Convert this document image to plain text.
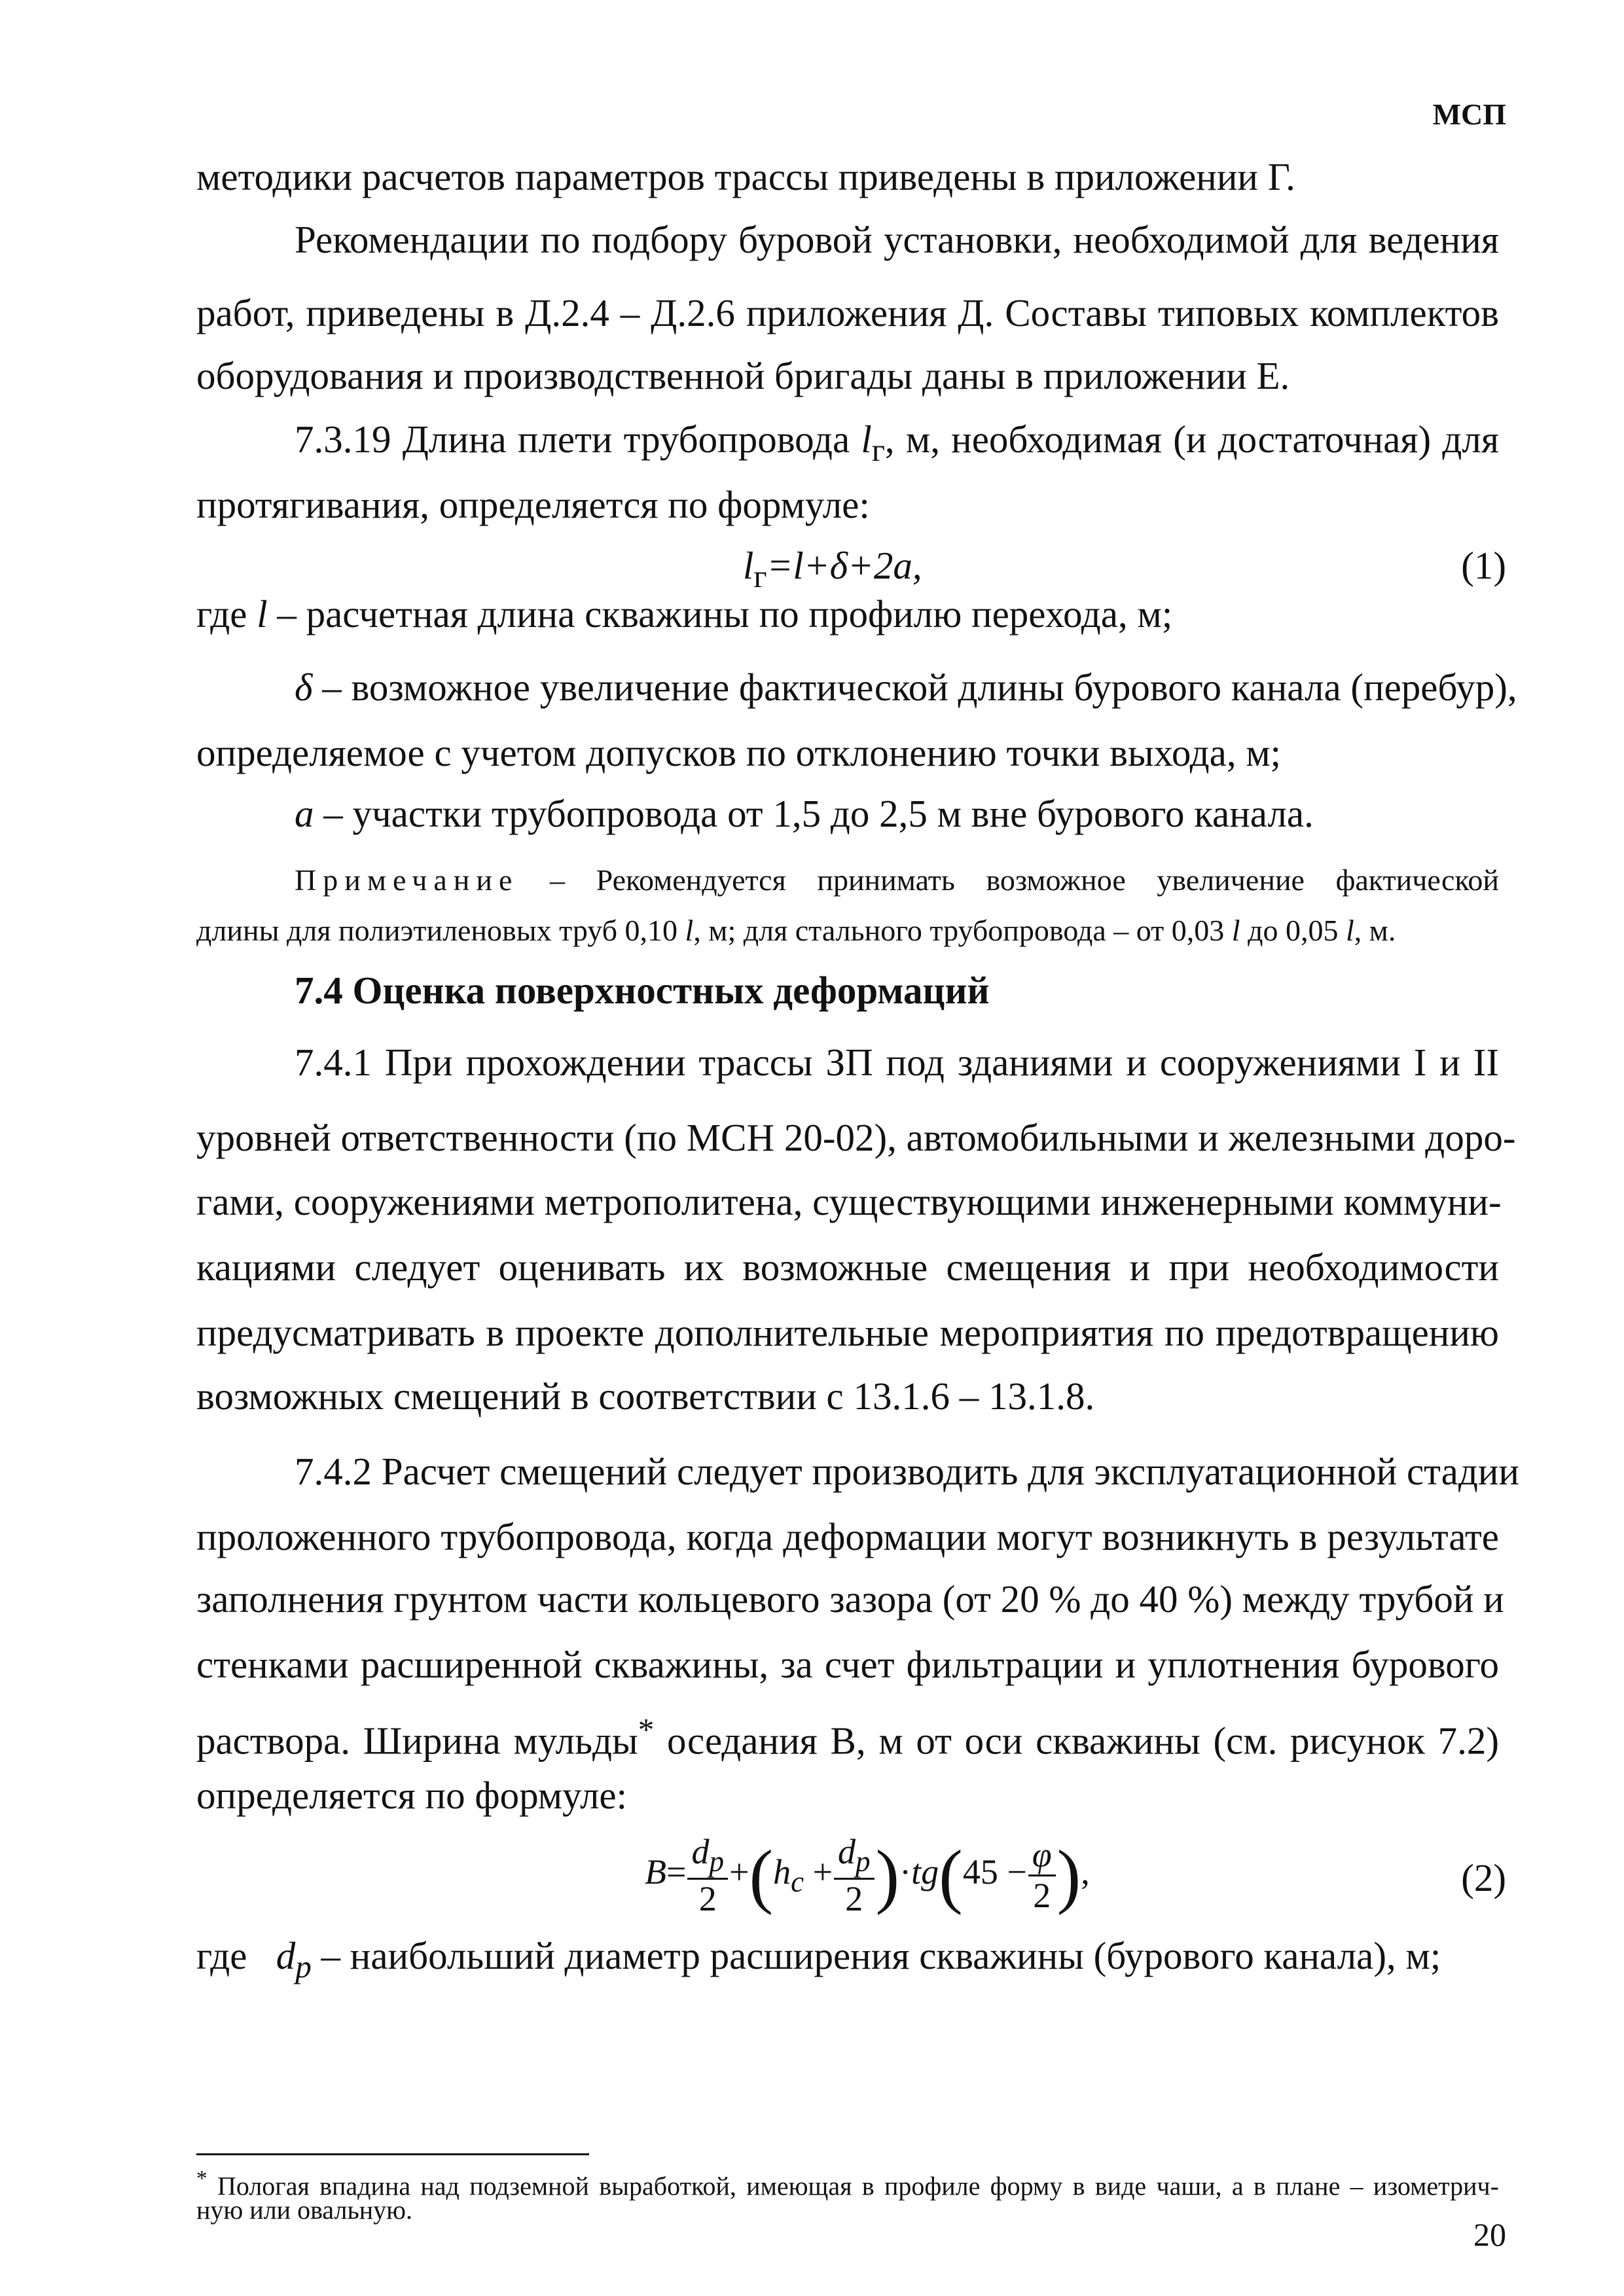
МСП

методики расчетов параметров трассы приведены в приложении Г.

Рекомендации по подбору буровой установки, необходимой для ведения

работ, приведены в Д.2.4 – Д.2.6 приложения Д. Составы типовых комплектов

оборудования и производственной бригады даны в приложении Е.

7.3.19 Длина плети трубопровода $l_г$, м, необходимая (и достаточная) для

протягивания, определяется по формуле:

$l_г=l+\delta+2a$,	(1)

где l – расчетная длина скважины по профилю перехода, м;

δ – возможное увеличение фактической длины бурового канала (перебур),

определяемое с учетом допусков по отклонению точки выхода, м;

a – участки трубопровода от 1,5 до 2,5 м вне бурового канала.

Примечание – Рекомендуется принимать возможное увеличение фактической

длины для полиэтиленовых труб 0,10 l, м; для стального трубопровода – от 0,03 l до 0,05 l, м.

7.4 Оценка поверхностных деформаций

7.4.1 При прохождении трассы ЗП под зданиями и сооружениями I и II

уровней ответственности (по МСН 20-02), автомобильными и железными доро-

гами, сооружениями метрополитена, существующими инженерными коммуни-

кациями следует оценивать их возможные смещения и при необходимости

предусматривать в проекте дополнительные мероприятия по предотвращению

возможных смещений в соответствии с 13.1.6 – 13.1.8.

7.4.2 Расчет смещений следует производить для эксплуатационной стадии

проложенного трубопровода, когда деформации могут возникнуть в результате

заполнения грунтом части кольцевого зазора (от 20 % до 40 %) между трубой и

стенками расширенной скважины, за счет фильтрации и уплотнения бурового

раствора. Ширина мульды* оседания В, м от оси скважины (см. рисунок 7.2)

определяется по формуле:

$B= \frac{d_p}{2} +(h_c + \frac{d_p}{2} )\cdot tg(45 - \frac{\varphi}{2}$ ),	(2)

где $d_p$ – наибольший диаметр расширения скважины (бурового канала), м;

* Пологая впадина над подземной выработкой, имеющая в профиле форму в виде чаши, а в плане – изометрич-

ную или овальную.

20
